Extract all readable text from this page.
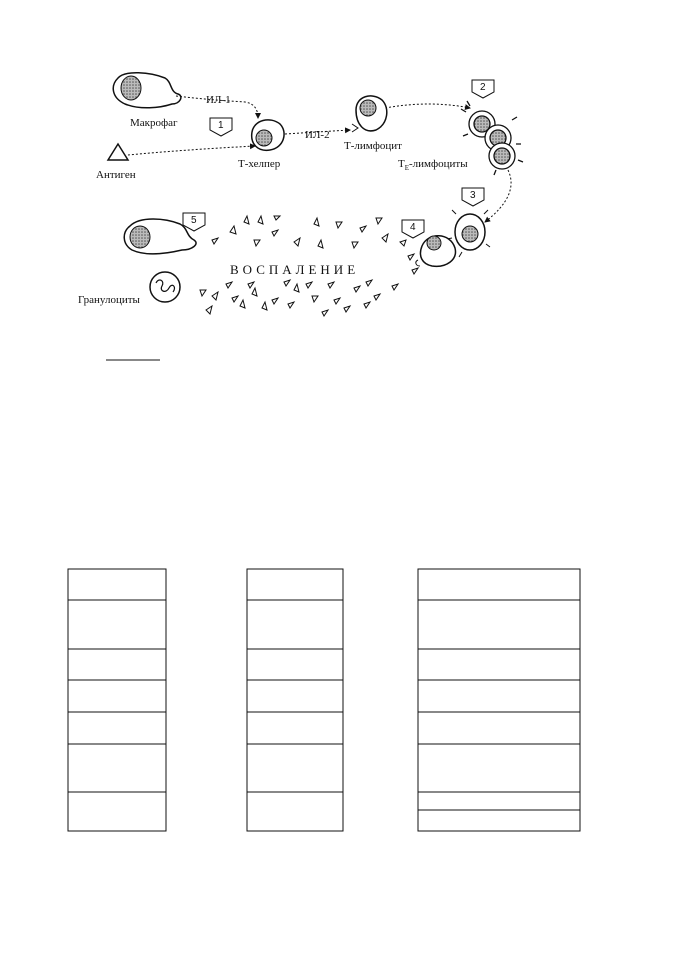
Макрофаг
Антиген
ИЛ-1
ИЛ-2
1
Т-хелпер
Т-лимфоцит
2
$Т_Е$-лимфоциты
3
4
5
Гранулоциты
ВОСПАЛЕНИЕ
